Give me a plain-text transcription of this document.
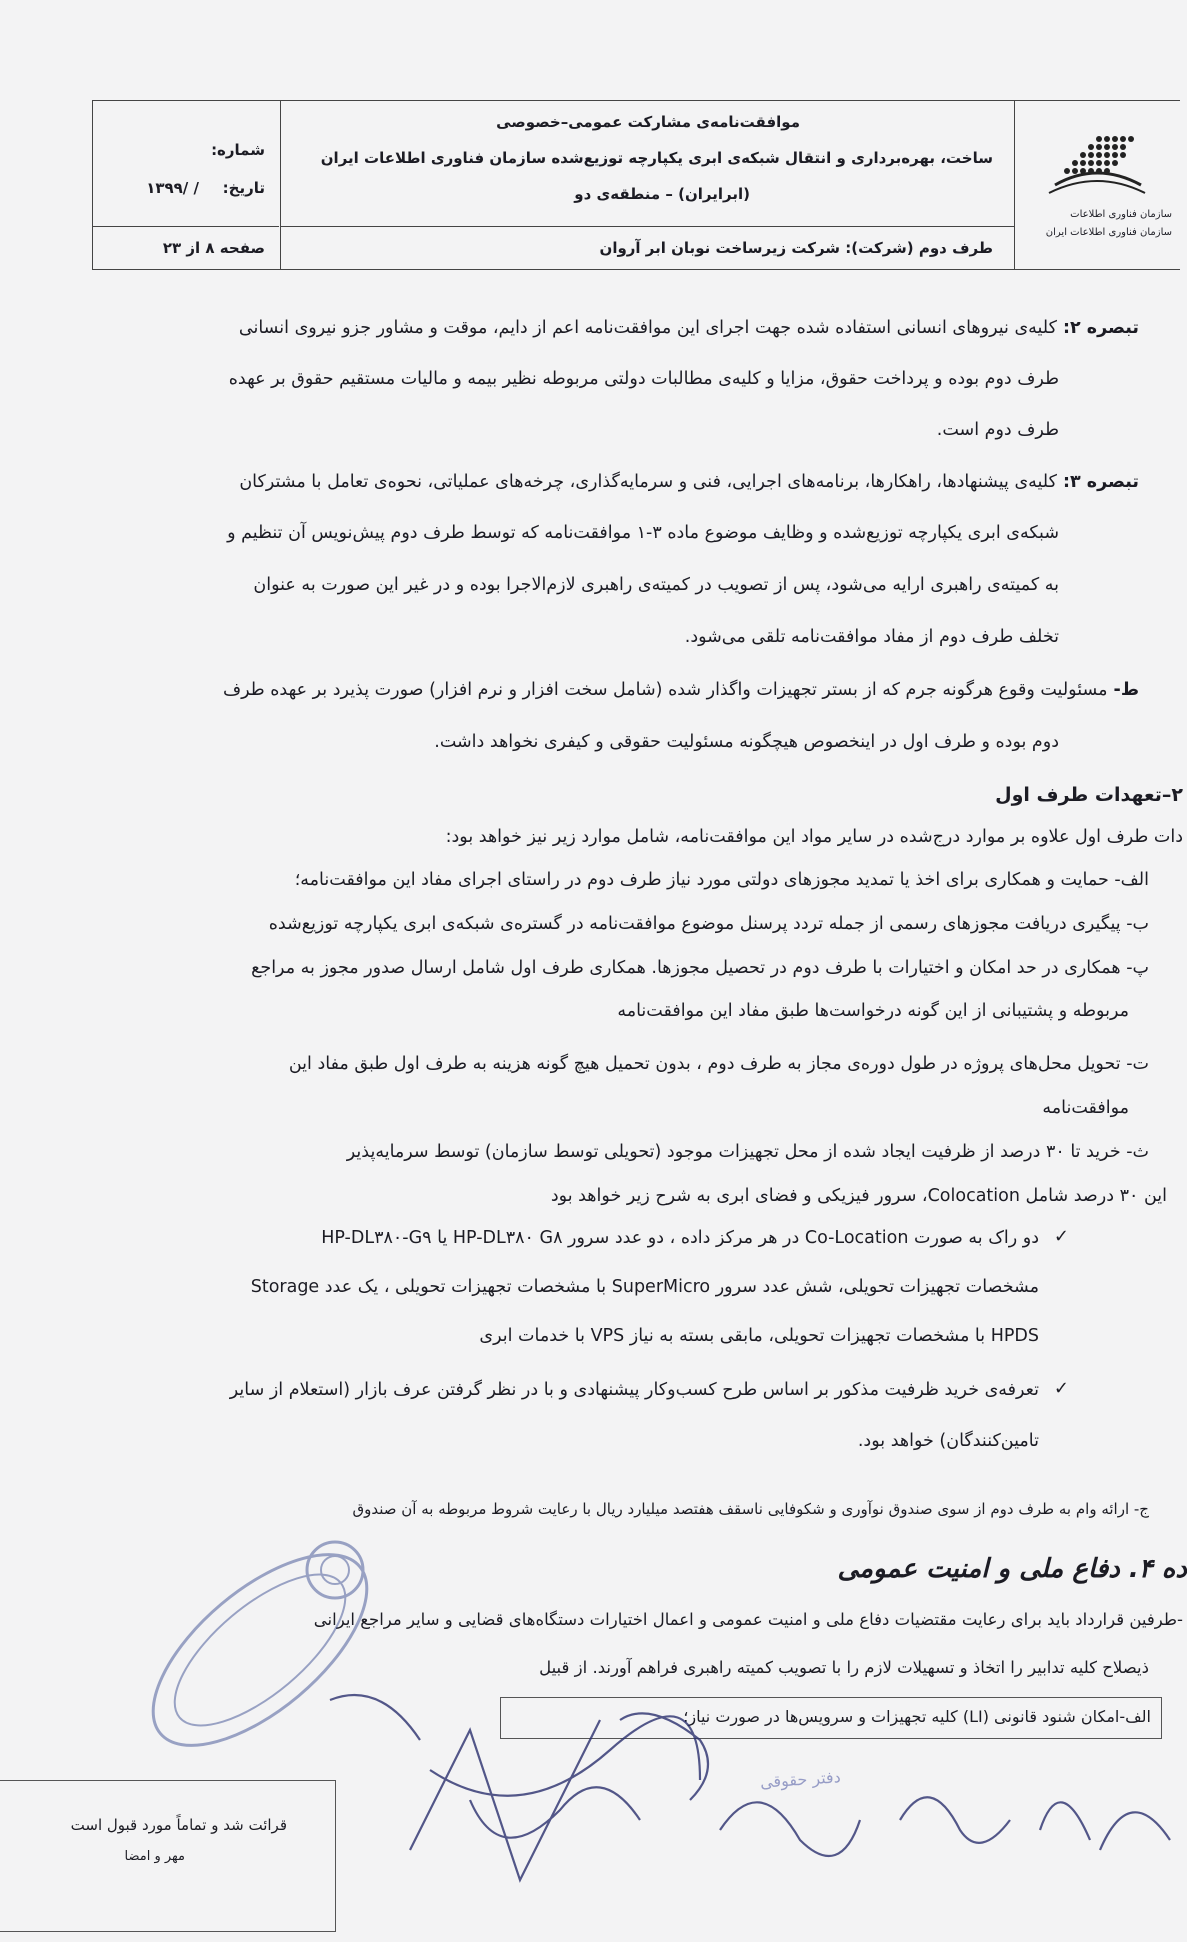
سازمان فناوری اطلاعات
سازمان فناوری اطلاعات ایران
موافقت‌نامه‌ی مشارکت عمومی–خصوصی
ساخت، بهره‌برداری و انتقال شبکه‌ی ابری یکپارچه توزیع‌شده سازمان فناوری اطلاعات ایران
(ابرایران) – منطقه‌ی دو
طرف دوم (شرکت): شرکت زیرساخت نوبان ابر آروان
شماره:
تاریخ:
۱۳۹۹/ /
صفحه ۸ از ۲۳
تبصره ۲: کلیه‌ی نیروهای انسانی استفاده شده جهت اجرای این موافقت‌نامه اعم از دایم، موقت و مشاور جزو نیروی انسانی
طرف دوم بوده و پرداخت حقوق، مزایا و کلیه‌ی مطالبات دولتی مربوطه نظیر بیمه و مالیات مستقیم حقوق بر عهده
طرف دوم است.
تبصره ۳: کلیه‌ی پیشنهادها، راهکارها، برنامه‌های اجرایی، فنی و سرمایه‌گذاری، چرخه‌های عملیاتی، نحوه‌ی تعامل با مشترکان
شبکه‌ی ابری یکپارچه توزیع‌شده و وظایف موضوع ماده ۳-۱ موافقت‌نامه که توسط طرف دوم پیش‌نویس آن تنظیم و
به کمیته‌ی راهبری ارایه می‌شود، پس از تصویب در کمیته‌ی راهبری لازم‌الاجرا بوده و در غیر این صورت به عنوان
تخلف طرف دوم از مفاد موافقت‌نامه تلقی می‌شود.
ط- مسئولیت وقوع هرگونه جرم که از بستر تجهیزات واگذار شده (شامل سخت افزار و نرم افزار) صورت پذیرد بر عهده طرف
دوم بوده و طرف اول در اینخصوص هیچگونه مسئولیت حقوقی و کیفری نخواهد داشت.
۲–تعهدات طرف اول
دات طرف اول علاوه بر موارد درج‌شده در سایر مواد این موافقت‌نامه، شامل موارد زیر نیز خواهد بود:
الف- حمایت و همکاری برای اخذ یا تمدید مجوزهای دولتی مورد نیاز طرف دوم در راستای اجرای مفاد این موافقت‌نامه؛
ب- پیگیری دریافت مجوزهای رسمی از جمله تردد پرسنل موضوع موافقت‌نامه در گستره‌ی شبکه‌ی ابری یکپارچه توزیع‌شده
پ- همکاری در حد امکان و اختیارات با طرف دوم در تحصیل مجوزها. همکاری طرف اول شامل ارسال صدور مجوز به مراجع
مربوطه و پشتیبانی از این گونه درخواست‌ها طبق مفاد این موافقت‌نامه
ت- تحویل محل‌های پروژه در طول دوره‌ی مجاز به طرف دوم ، بدون تحمیل هیچ گونه هزینه به طرف اول طبق مفاد این
موافقت‌نامه
ث- خرید تا ۳۰ درصد از ظرفیت ایجاد شده از محل تجهیزات موجود (تحویلی توسط سازمان) توسط سرمایه‌پذیر
این ۳۰ درصد شامل Colocation، سرور فیزیکی و فضای ابری به شرح زیر خواهد بود
✓
دو راک به صورت Co-Location در هر مرکز داده ، دو عدد سرور HP-DL۳۸۰ G۸ یا HP-DL۳۸۰-G۹
مشخصات تجهیزات تحویلی، شش عدد سرور SuperMicro با مشخصات تجهیزات تحویلی ، یک عدد Storage
HPDS با مشخصات تجهیزات تحویلی، مابقی بسته به نیاز VPS با خدمات ابری
✓
تعرفه‌ی خرید ظرفیت مذکور بر اساس طرح کسب‌وکار پیشنهادی و با در نظر گرفتن عرف بازار (استعلام از سایر
تامین‌کنندگان) خواهد بود.
ج- ارائه وام به طرف دوم از سوی صندوق نوآوری و شکوفایی ناسقف هفتصد میلیارد ریال با رعایت شروط مربوطه به آن صندوق
ده ۴. دفاع ملی و امنیت عمومی
-طرفین قرارداد باید برای رعایت مقتضیات دفاع ملی و امنیت عمومی و اعمال اختیارات دستگاه‌های قضایی و سایر مراجع ایرانی
ذیصلاح کلیه تدابیر را اتخاذ و تسهیلات لازم را با تصویب کمیته راهبری فراهم آورند. از قبیل
الف-امکان شنود قانونی (LI) کلیه تجهیزات و سرویس‌ها در صورت نیاز؛
دفتر حقوقی
قرائت شد و تماماً مورد قبول است
مهر و امضا
